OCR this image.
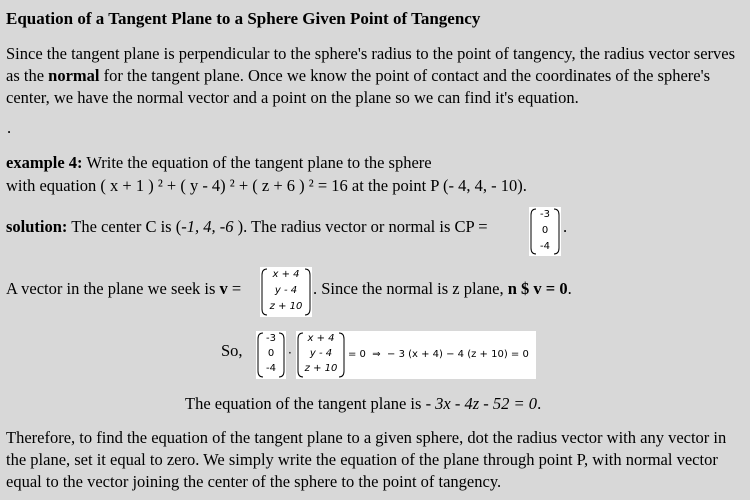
Equation of a Tangent Plane to a Sphere Given Point of Tangency
Since the tangent plane is perpendicular to the sphere's radius to the point of tangency, the radius vector serves as the normal for the tangent plane. Once we know the point of contact and the coordinates of the sphere's center, we have the normal vector and a point on the plane so we can find it's equation.
.
example 4: Write the equation of the tangent plane to the sphere
with equation ( x + 1 ) ² + ( y - 4) ² + ( z + 6 ) ² = 16 at the point P (- 4, 4, - 10).
solution: The center C is (-1, 4, -6 ). The radius vector or normal is CP =
-3
0
-4
.
A vector in the plane we seek is v =
x + 4
y - 4
z + 10
. Since the normal is z plane, n $ v = 0.
So,
-3
0
-4
·
x + 4
y - 4
z + 10
= 0  ⇒  − 3 (x + 4) − 4 (z + 10) = 0
The equation of the tangent plane is - 3x - 4z - 52 = 0.
Therefore, to find the equation of the tangent plane to a given sphere, dot the radius vector with any vector in the plane, set it equal to zero. We simply write the equation of the plane through point P, with normal vector equal to the vector joining the center of the sphere to the point of tangency.
